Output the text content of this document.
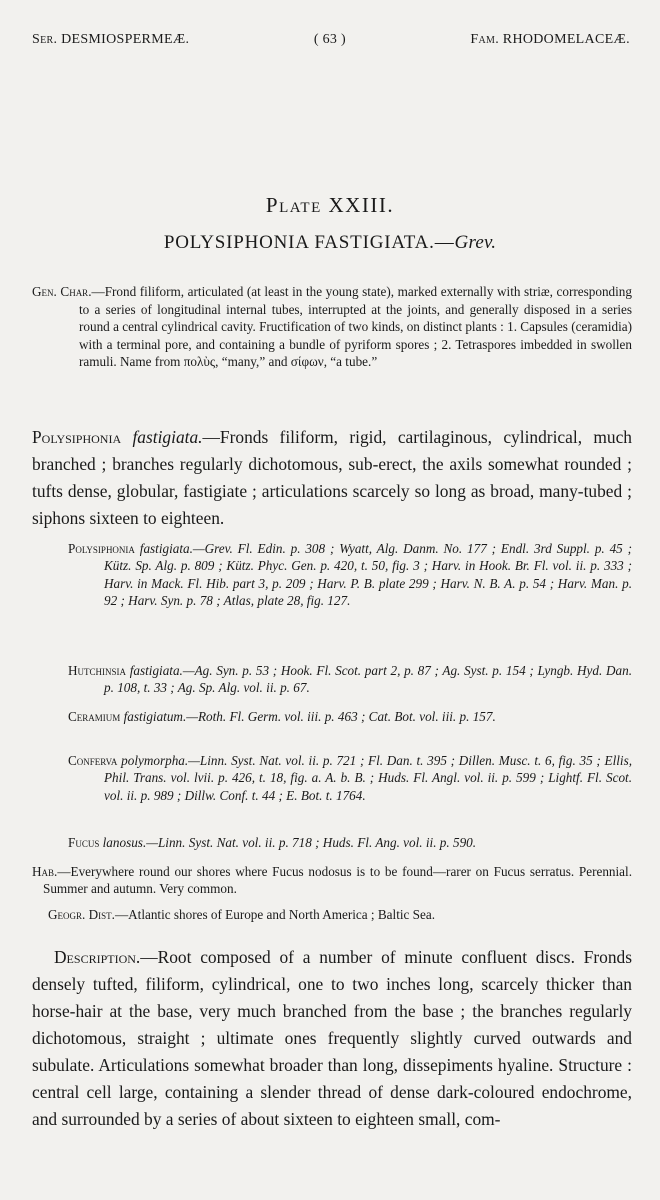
Ser. DESMIOSPERMEÆ.	( 63 )	Fam. RHODOMELACEÆ.
Plate XXIII.
POLYSIPHONIA FASTIGIATA.—Grev.

Gen. Char.—Frond filiform, articulated (at least in the young state), marked externally with striæ, corresponding to a series of longitudinal internal tubes, interrupted at the joints, and generally disposed in a series round a central cylindrical cavity. Fructification of two kinds, on distinct plants : 1. Capsules (ceramidia) with a terminal pore, and containing a bundle of pyriform spores ; 2. Tetraspores imbedded in swollen ramuli. Name from πολὺς, “many,” and σίφων, “a tube.”

Polysiphonia fastigiata.—Fronds filiform, rigid, cartilaginous, cylindrical, much branched ; branches regularly dichotomous, sub-erect, the axils somewhat rounded ; tufts dense, globular, fastigiate ; articulations scarcely so long as broad, many-tubed ; siphons sixteen to eighteen.

Polysiphonia fastigiata.—Grev. Fl. Edin. p. 308 ; Wyatt, Alg. Danm. No. 177 ; Endl. 3rd Suppl. p. 45 ; Kütz. Sp. Alg. p. 809 ; Kütz. Phyc. Gen. p. 420, t. 50, fig. 3 ; Harv. in Hook. Br. Fl. vol. ii. p. 333 ; Harv. in Mack. Fl. Hib. part 3, p. 209 ; Harv. P. B. plate 299 ; Harv. N. B. A. p. 54 ; Harv. Man. p. 92 ; Harv. Syn. p. 78 ; Atlas, plate 28, fig. 127.

Hutchinsia fastigiata.—Ag. Syn. p. 53 ; Hook. Fl. Scot. part 2, p. 87 ; Ag. Syst. p. 154 ; Lyngb. Hyd. Dan. p. 108, t. 33 ; Ag. Sp. Alg. vol. ii. p. 67.

Ceramium fastigiatum.—Roth. Fl. Germ. vol. iii. p. 463 ; Cat. Bot. vol. iii. p. 157.

Conferva polymorpha.—Linn. Syst. Nat. vol. ii. p. 721 ; Fl. Dan. t. 395 ; Dillen. Musc. t. 6, fig. 35 ; Ellis, Phil. Trans. vol. lvii. p. 426, t. 18, fig. a. A. b. B. ; Huds. Fl. Angl. vol. ii. p. 599 ; Lightf. Fl. Scot. vol. ii. p. 989 ; Dillw. Conf. t. 44 ; E. Bot. t. 1764.

Fucus lanosus.—Linn. Syst. Nat. vol. ii. p. 718 ; Huds. Fl. Ang. vol. ii. p. 590.

Hab.—Everywhere round our shores where Fucus nodosus is to be found—rarer on Fucus serratus. Perennial. Summer and autumn. Very common.

Geogr. Dist.—Atlantic shores of Europe and North America ; Baltic Sea.

Description.—Root composed of a number of minute confluent discs. Fronds densely tufted, filiform, cylindrical, one to two inches long, scarcely thicker than horse-hair at the base, very much branched from the base ; the branches regularly dichotomous, straight ; ultimate ones frequently slightly curved outwards and subulate. Articulations somewhat broader than long, dissepiments hyaline. Structure : central cell large, containing a slender thread of dense dark-coloured endochrome, and surrounded by a series of about sixteen to eighteen small, com-
